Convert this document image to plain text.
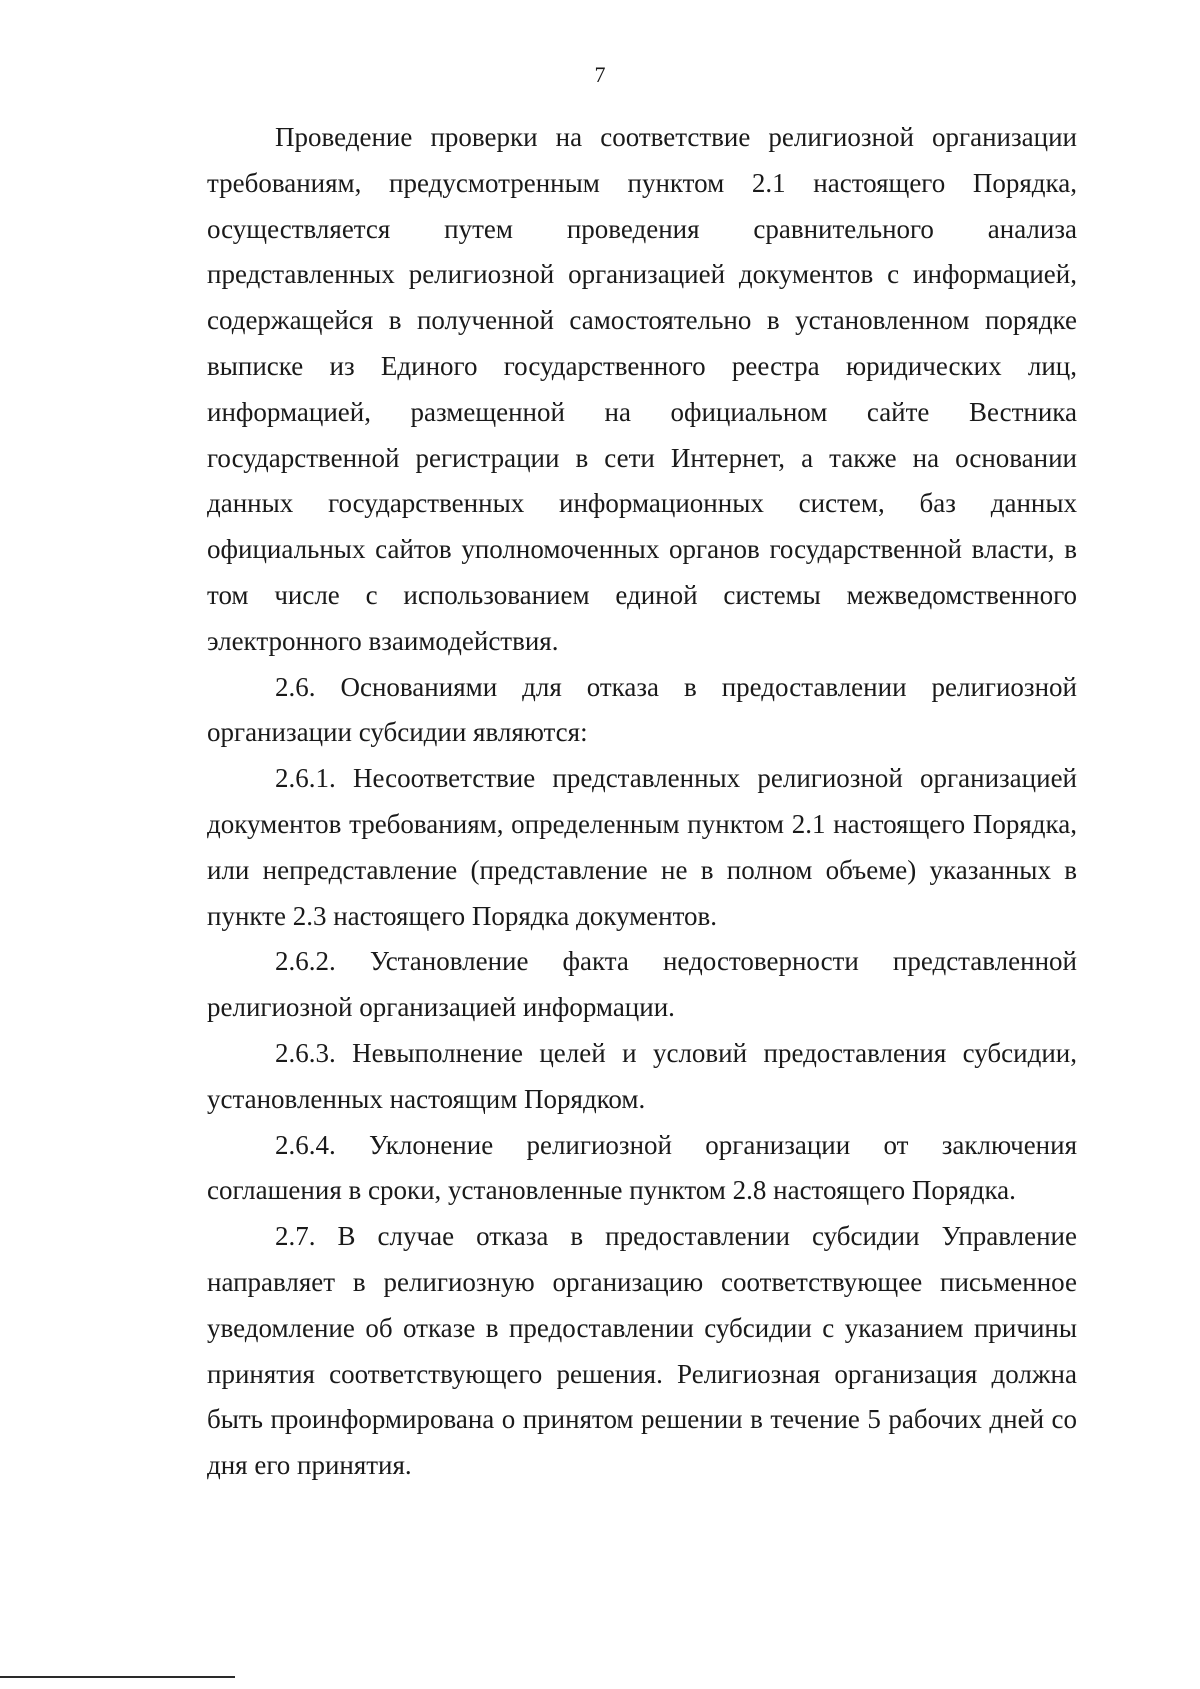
7

Проведение проверки на соответствие религиозной организации требованиям, предусмотренным пунктом 2.1 настоящего Порядка, осуществляется путем проведения сравнительного анализа представленных религиозной организацией документов с информацией, содержащейся в полученной самостоятельно в установленном порядке выписке из Единого государственного реестра юридических лиц, информацией, размещенной на официальном сайте Вестника государственной регистрации в сети Интернет, а также на основании данных государственных информационных систем, баз данных официальных сайтов уполномоченных органов государственной власти, в том числе с использованием единой системы межведомственного электронного взаимодействия.

2.6. Основаниями для отказа в предоставлении религиозной организации субсидии являются:

2.6.1. Несоответствие представленных религиозной организацией документов требованиям, определенным пунктом 2.1 настоящего Порядка, или непредставление (представление не в полном объеме) указанных в пункте 2.3 настоящего Порядка документов.

2.6.2. Установление факта недостоверности представленной религиозной организацией информации.

2.6.3. Невыполнение целей и условий предоставления субсидии, установленных настоящим Порядком.

2.6.4. Уклонение религиозной организации от заключения соглашения в сроки, установленные пунктом 2.8 настоящего Порядка.

2.7. В случае отказа в предоставлении субсидии Управление направляет в религиозную организацию соответствующее письменное уведомление об отказе в предоставлении субсидии с указанием причины принятия соответствующего решения. Религиозная организация должна быть проинформирована о принятом решении в течение 5 рабочих дней со дня его принятия.
